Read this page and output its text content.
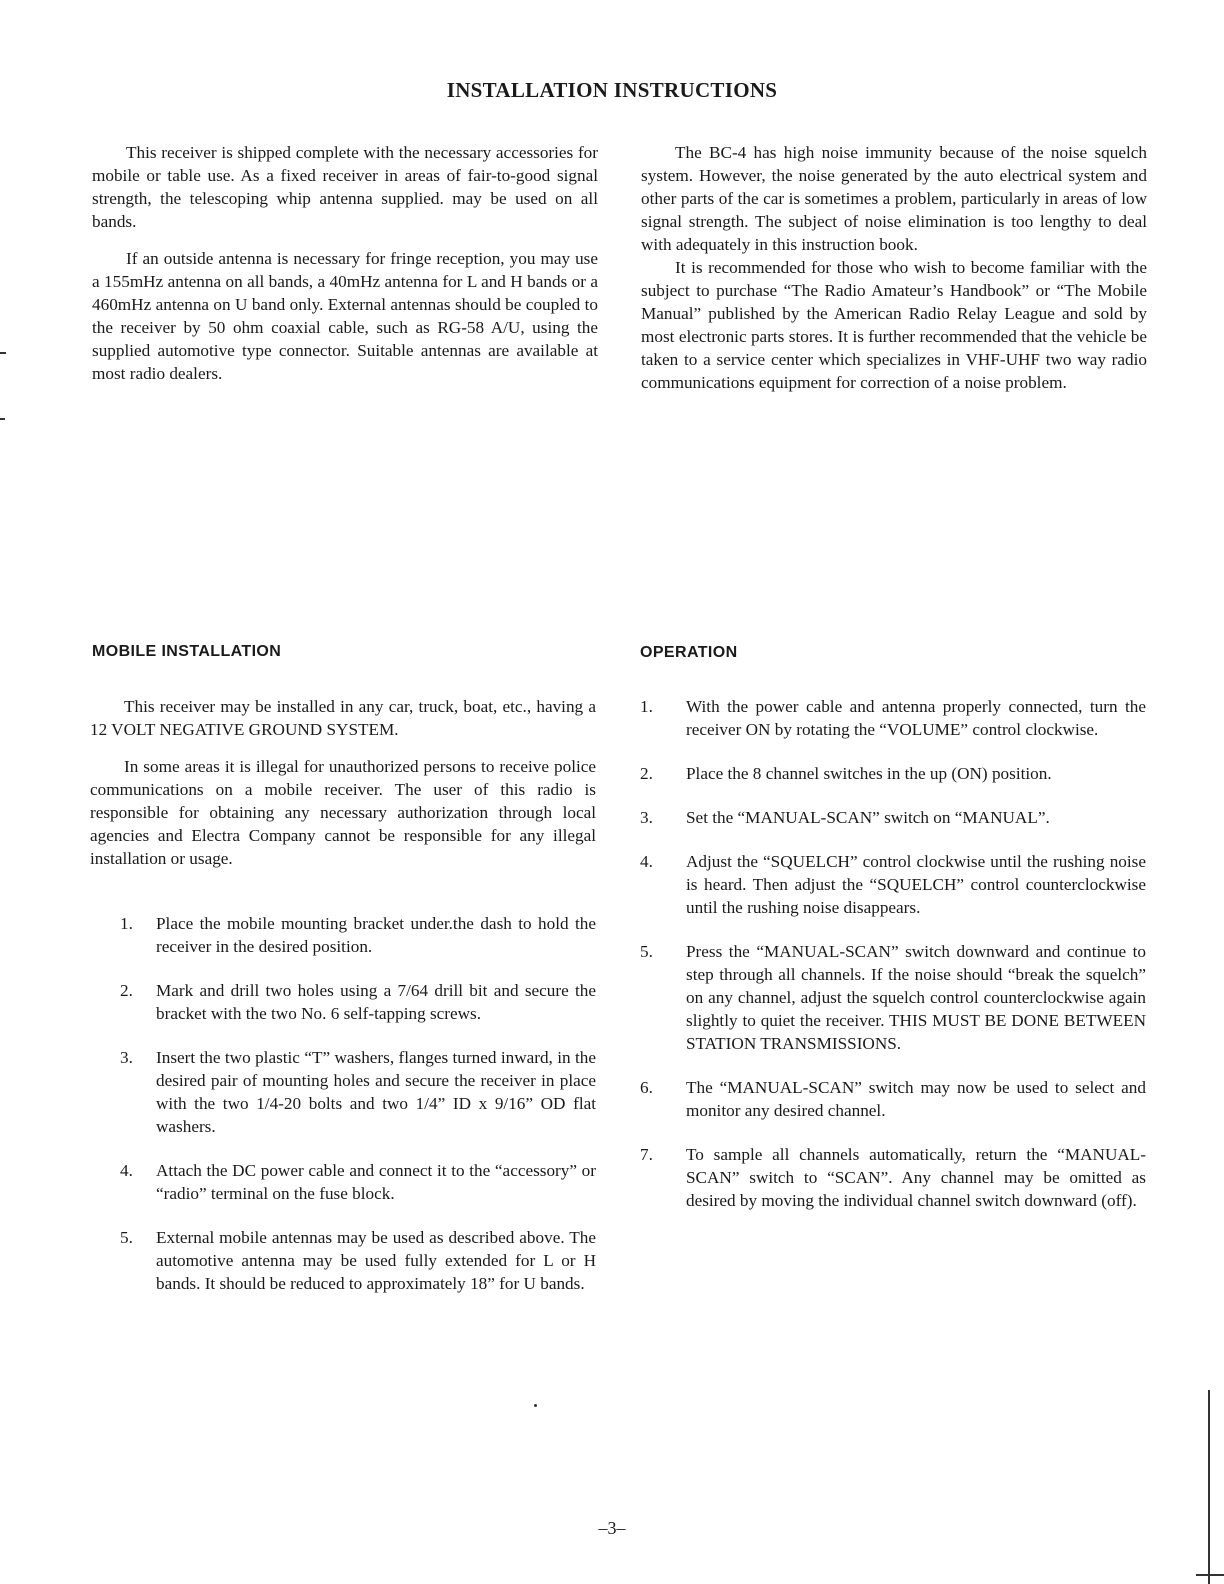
INSTALLATION INSTRUCTIONS

This receiver is shipped complete with the necessary accessories for mobile or table use. As a fixed receiver in areas of fair-to-good signal strength, the telescoping whip antenna supplied. may be used on all bands.

If an outside antenna is necessary for fringe reception, you may use a 155mHz antenna on all bands, a 40mHz antenna for L and H bands or a 460mHz antenna on U band only. External antennas should be coupled to the receiver by 50 ohm coaxial cable, such as RG-58 A/U, using the supplied automotive type connector. Suitable antennas are available at most radio dealers.

The BC-4 has high noise immunity because of the noise squelch system. However, the noise generated by the auto electrical system and other parts of the car is sometimes a problem, particularly in areas of low signal strength. The subject of noise elimination is too lengthy to deal with adequately in this instruction book.

It is recommended for those who wish to become familiar with the subject to purchase “The Radio Amateur’s Handbook” or “The Mobile Manual” published by the American Radio Relay League and sold by most electronic parts stores. It is further recommended that the vehicle be taken to a service center which specializes in VHF-UHF two way radio communications equipment for correction of a noise problem.

MOBILE INSTALLATION	OPERATION

This receiver may be installed in any car, truck, boat, etc., having a 12 VOLT NEGATIVE GROUND SYSTEM.

In some areas it is illegal for unauthorized persons to receive police communications on a mobile receiver. The user of this radio is responsible for obtaining any necessary authorization through local agencies and Electra Company cannot be responsible for any illegal installation or usage.

1.	Place the mobile mounting bracket under.the dash to hold the receiver in the desired position.
2.	Mark and drill two holes using a 7/64 drill bit and secure the bracket with the two No. 6 self-tapping screws.
3.	Insert the two plastic “T” washers, flanges turned inward, in the desired pair of mounting holes and secure the receiver in place with the two 1/4-20 bolts and two 1/4” ID x 9/16” OD flat washers.
4.	Attach the DC power cable and connect it to the “accessory” or “radio” terminal on the fuse block.
5.	External mobile antennas may be used as described above. The automotive antenna may be used fully extended for L or H bands. It should be reduced to approximately 18” for U bands.
1.	With the power cable and antenna properly connected, turn the receiver ON by rotating the “VOLUME” control clockwise.
2.	Place the 8 channel switches in the up (ON) position.
3.	Set the “MANUAL-SCAN” switch on “MANUAL”.
4.	Adjust the “SQUELCH” control clockwise until the rushing noise is heard. Then adjust the “SQUELCH” control counterclockwise until the rushing noise disappears.
5.	Press the “MANUAL-SCAN” switch downward and continue to step through all channels. If the noise should “break the squelch” on any channel, adjust the squelch control counterclockwise again slightly to quiet the receiver. THIS MUST BE DONE BETWEEN STATION TRANSMISSIONS.
6.	The “MANUAL-SCAN” switch may now be used to select and monitor any desired channel.
7.	To sample all channels automatically, return the “MANUAL-SCAN” switch to “SCAN”. Any channel may be omitted as desired by moving the individual channel switch downward (off).
–3–
